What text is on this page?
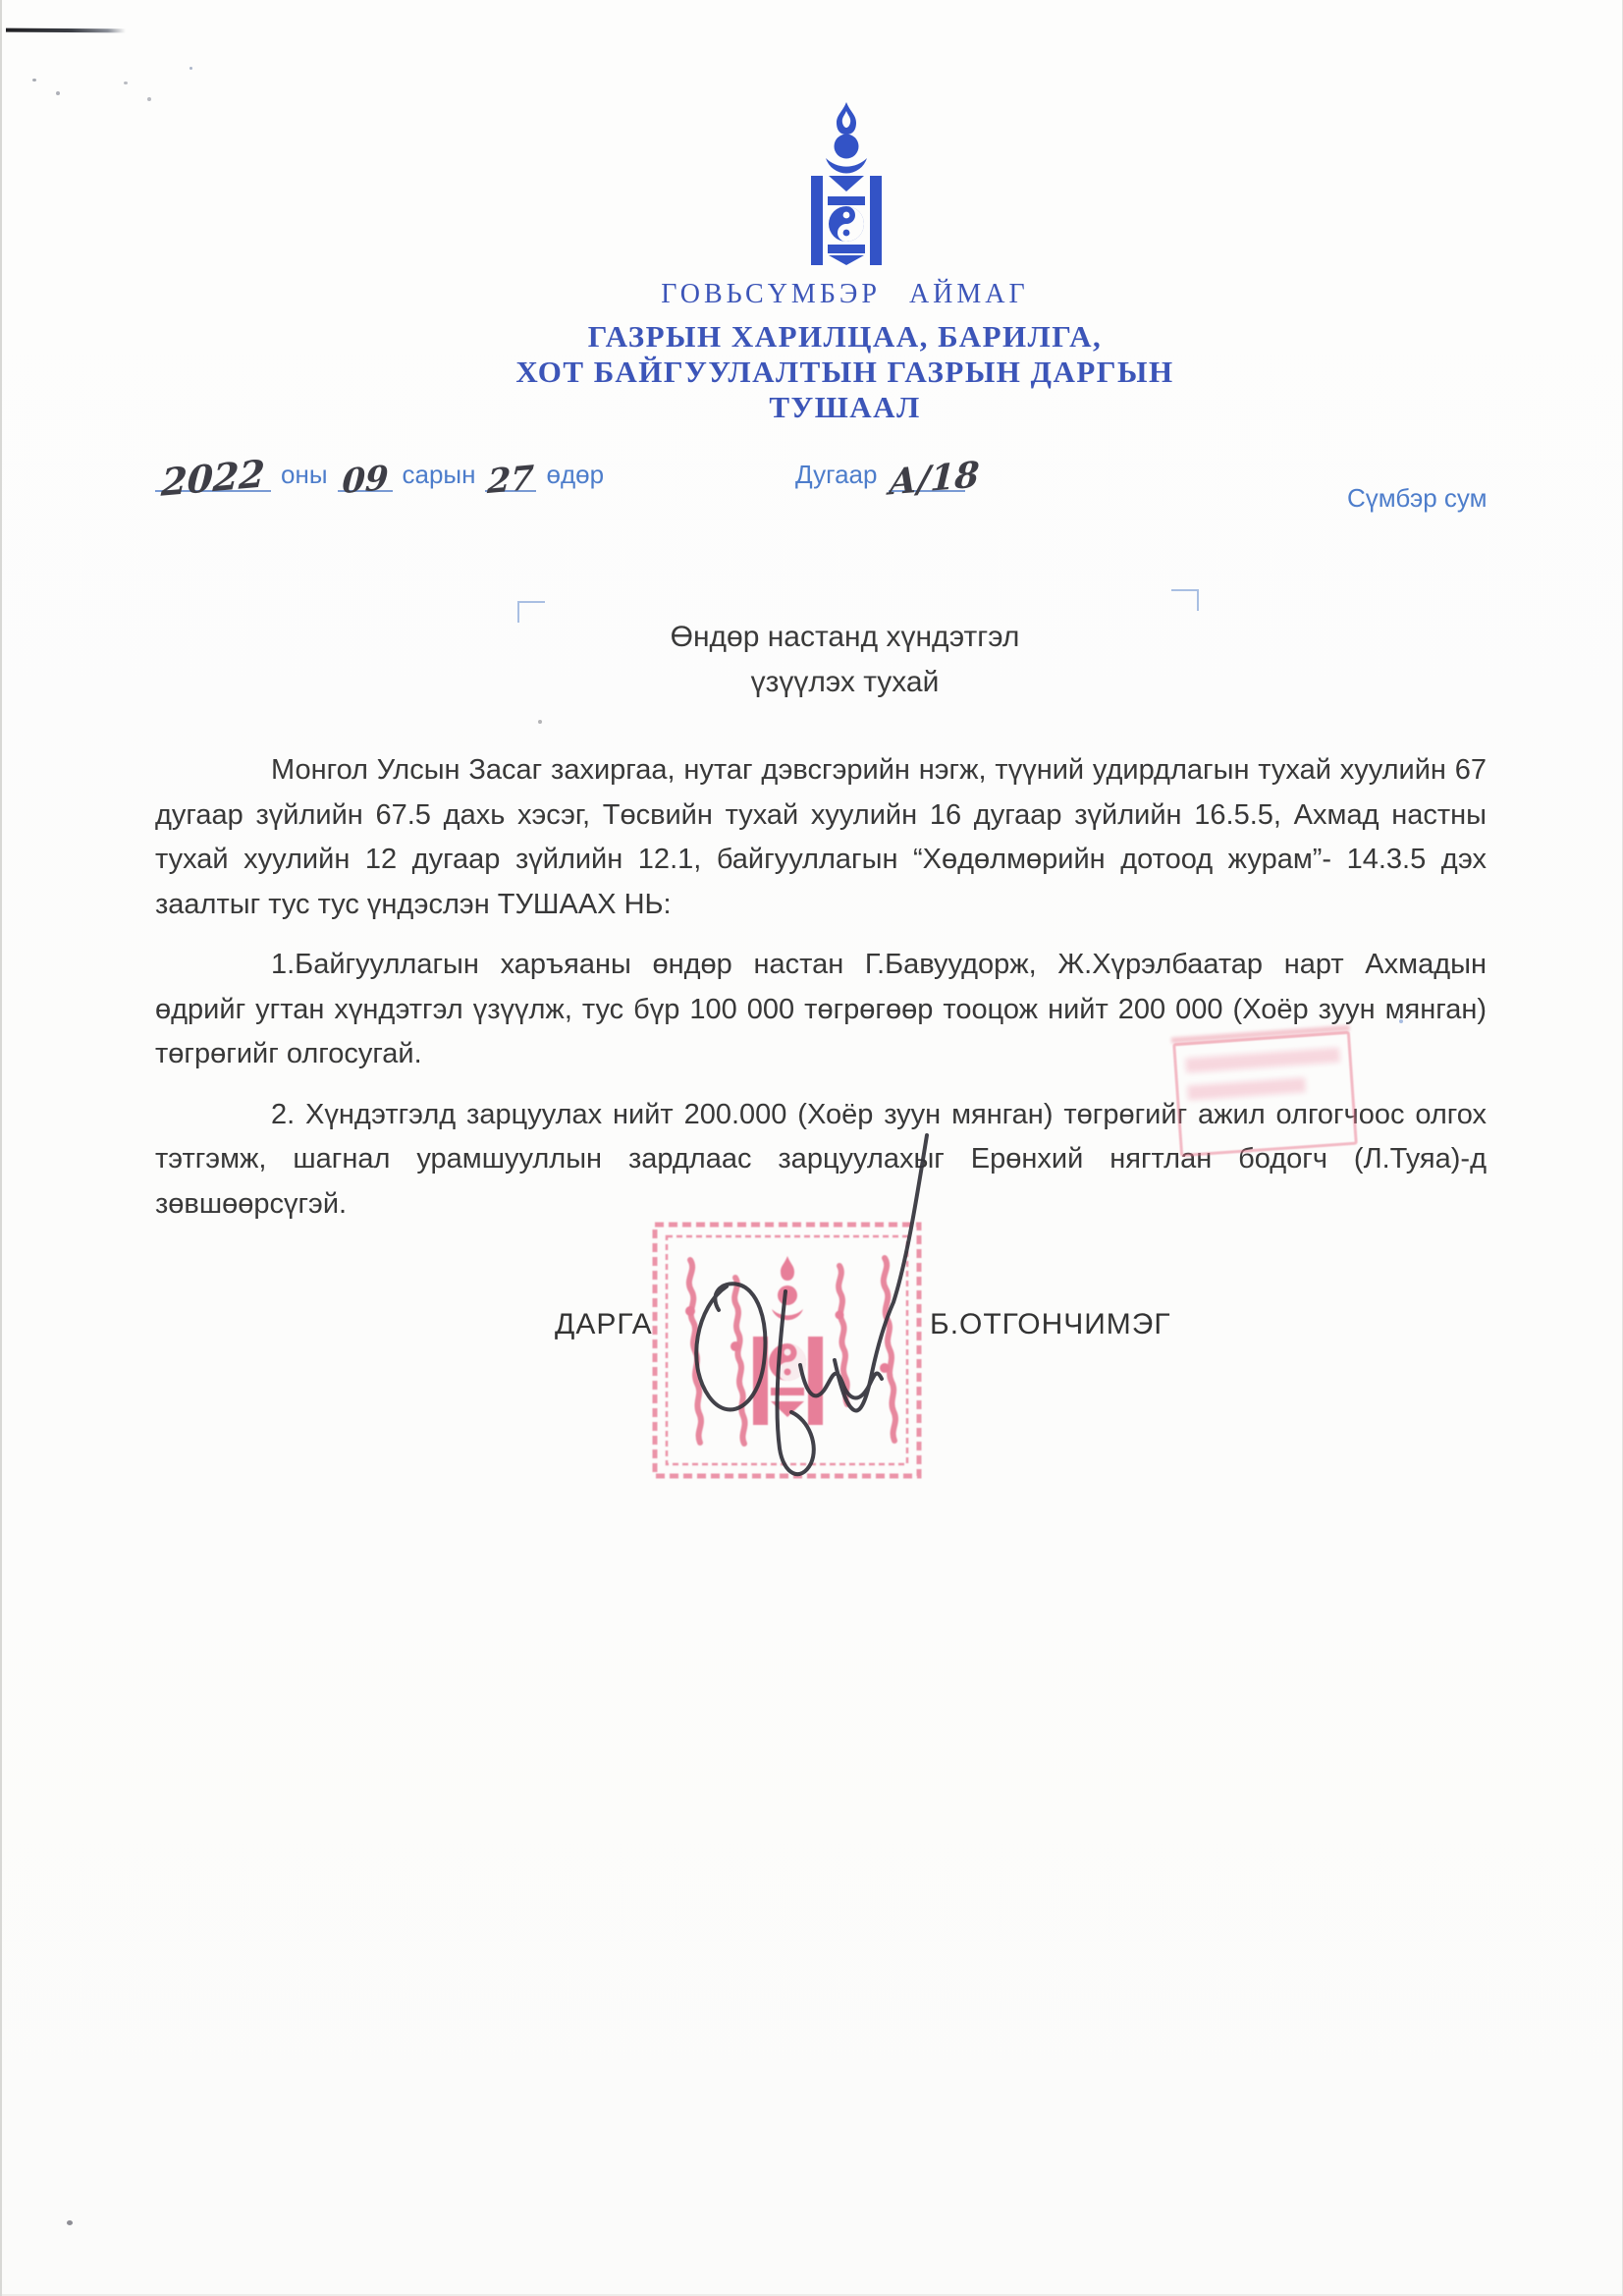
ГОВЬСҮМБЭР АЙМАГ
ГАЗРЫН ХАРИЛЦАА, БАРИЛГА,
ХОТ БАЙГУУЛАЛТЫН ГАЗРЫН ДАРГЫН
ТУШААЛ
2022 оны 09 сарын 27 өдөр	Дугаар А/18	Сүмбэр сум
Өндөр настанд хүндэтгэл
үзүүлэх тухай

Монгол Улсын Засаг захиргаа, нутаг дэвсгэрийн нэгж, түүний удирдлагын тухай хуулийн 67 дугаар зүйлийн 67.5 дахь хэсэг, Төсвийн тухай хуулийн 16 дугаар зүйлийн 16.5.5, Ахмад настны тухай хуулийн 12 дугаар зүйлийн 12.1, байгууллагын “Хөдөлмөрийн дотоод журам”- 14.3.5 дэх заалтыг тус тус үндэслэн ТУШААХ НЬ:

1.Байгууллагын харъяаны өндөр настан Г.Бавуудорж, Ж.Хүрэлбаатар нарт Ахмадын өдрийг угтан хүндэтгэл үзүүлж, тус бүр 100 000 төгрөгөөр тооцож нийт 200 000 (Хоёр зуун мянган) төгрөгийг олгосугай.

2. Хүндэтгэлд зарцуулах нийт 200.000 (Хоёр зуун мянган) төгрөгийг ажил олгогчоос олгох тэтгэмж, шагнал урамшууллын зардлаас зарцуулахыг Ерөнхий нягтлан бодогч (Л.Туяа)-д зөвшөөрсүгэй.

ДАРГА	Б.ОТГОНЧИМЭГ
